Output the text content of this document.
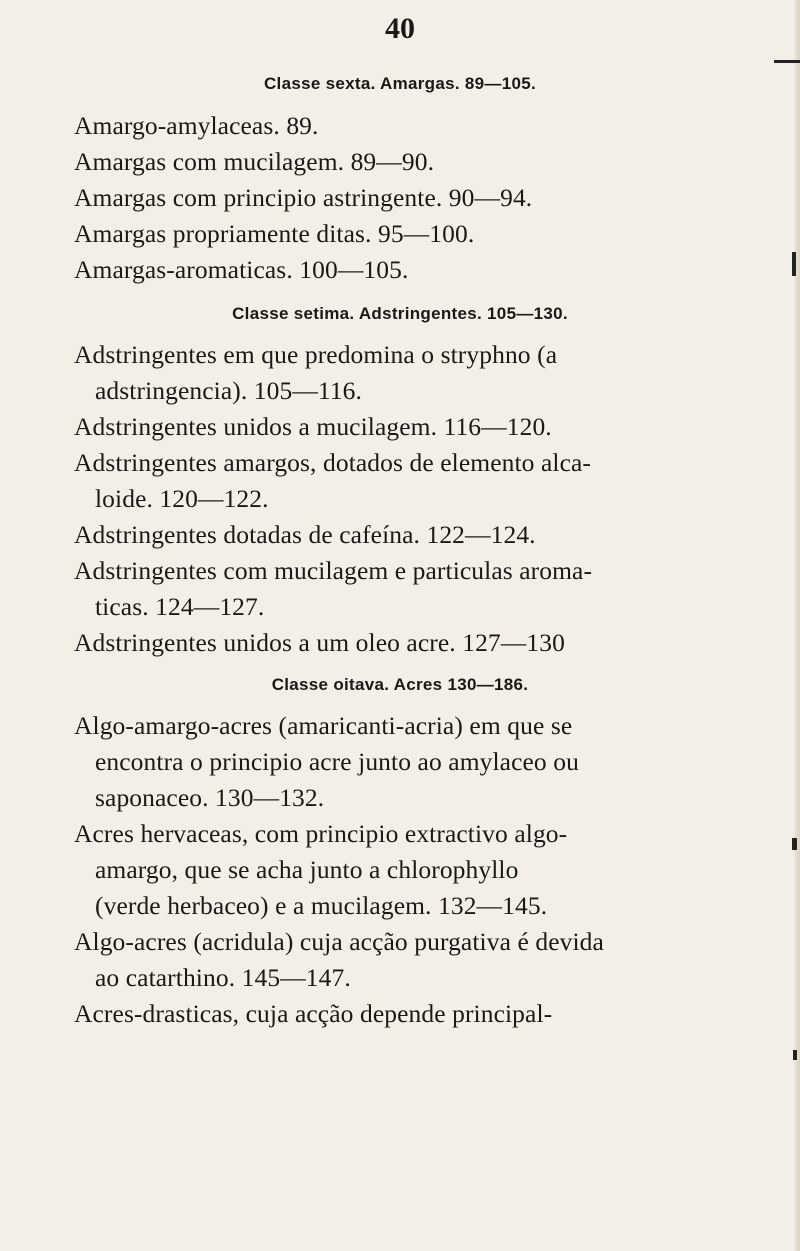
40
Classe sexta. Amargas. 89—105.
Amargo-amylaceas. 89.
Amargas com mucilagem. 89—90.
Amargas com principio astringente. 90—94.
Amargas propriamente ditas. 95—100.
Amargas-aromaticas. 100—105.
Classe setima. Adstringentes. 105—130.
Adstringentes em que predomina o stryphno (a
adstringencia). 105—116.
Adstringentes unidos a mucilagem. 116—120.
Adstringentes amargos, dotados de elemento alca-
loide. 120—122.
Adstringentes dotadas de cafeína. 122—124.
Adstringentes com mucilagem e particulas aroma-
ticas. 124—127.
Adstringentes unidos a um oleo acre. 127—130
Classe oitava. Acres 130—186.
Algo-amargo-acres (amaricanti-acria) em que se
encontra o principio acre junto ao amylaceo ou
saponaceo. 130—132.
Acres hervaceas, com principio extractivo algo-
amargo, que se acha junto a chlorophyllo
(verde herbaceo) e a mucilagem. 132—145.
Algo-acres (acridula) cuja acção purgativa é devida
ao catarthino. 145—147.
Acres-drasticas, cuja acção depende principal-
